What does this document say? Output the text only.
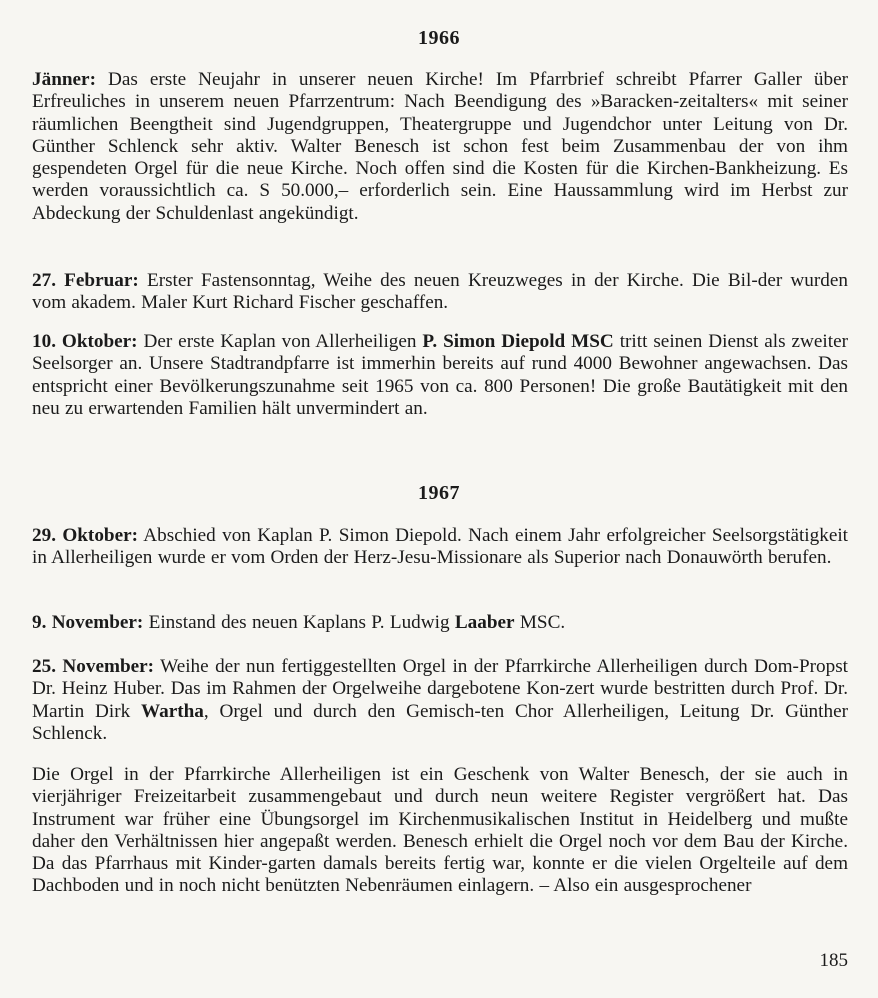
1966

Jänner: Das erste Neujahr in unserer neuen Kirche! Im Pfarrbrief schreibt Pfarrer Galler über Erfreuliches in unserem neuen Pfarrzentrum: Nach Beendigung des »Baracken-zeitalters« mit seiner räumlichen Beengtheit sind Jugendgruppen, Theatergruppe und Jugendchor unter Leitung von Dr. Günther Schlenck sehr aktiv. Walter Benesch ist schon fest beim Zusammenbau der von ihm gespendeten Orgel für die neue Kirche. Noch offen sind die Kosten für die Kirchen-Bankheizung. Es werden voraussichtlich ca. S 50.000,– erforderlich sein. Eine Haussammlung wird im Herbst zur Abdeckung der Schuldenlast angekündigt.

27. Februar: Erster Fastensonntag, Weihe des neuen Kreuzweges in der Kirche. Die Bil-der wurden vom akadem. Maler Kurt Richard Fischer geschaffen.

10. Oktober: Der erste Kaplan von Allerheiligen P. Simon Diepold MSC tritt seinen Dienst als zweiter Seelsorger an. Unsere Stadtrandpfarre ist immerhin bereits auf rund 4000 Bewohner angewachsen. Das entspricht einer Bevölkerungszunahme seit 1965 von ca. 800 Personen! Die große Bautätigkeit mit den neu zu erwartenden Familien hält unvermindert an.

1967

29. Oktober: Abschied von Kaplan P. Simon Diepold. Nach einem Jahr erfolgreicher Seelsorgstätigkeit in Allerheiligen wurde er vom Orden der Herz-Jesu-Missionare als Superior nach Donauwörth berufen.

9. November: Einstand des neuen Kaplans P. Ludwig Laaber MSC.

25. November: Weihe der nun fertiggestellten Orgel in der Pfarrkirche Allerheiligen durch Dom-Propst Dr. Heinz Huber. Das im Rahmen der Orgelweihe dargebotene Kon-zert wurde bestritten durch Prof. Dr. Martin Dirk Wartha, Orgel und durch den Gemisch-ten Chor Allerheiligen, Leitung Dr. Günther Schlenck.

Die Orgel in der Pfarrkirche Allerheiligen ist ein Geschenk von Walter Benesch, der sie auch in vierjähriger Freizeitarbeit zusammengebaut und durch neun weitere Register vergrößert hat. Das Instrument war früher eine Übungsorgel im Kirchenmusikalischen Institut in Heidelberg und mußte daher den Verhältnissen hier angepaßt werden. Benesch erhielt die Orgel noch vor dem Bau der Kirche. Da das Pfarrhaus mit Kinder-garten damals bereits fertig war, konnte er die vielen Orgelteile auf dem Dachboden und in noch nicht benützten Nebenräumen einlagern. – Also ein ausgesprochener

185
